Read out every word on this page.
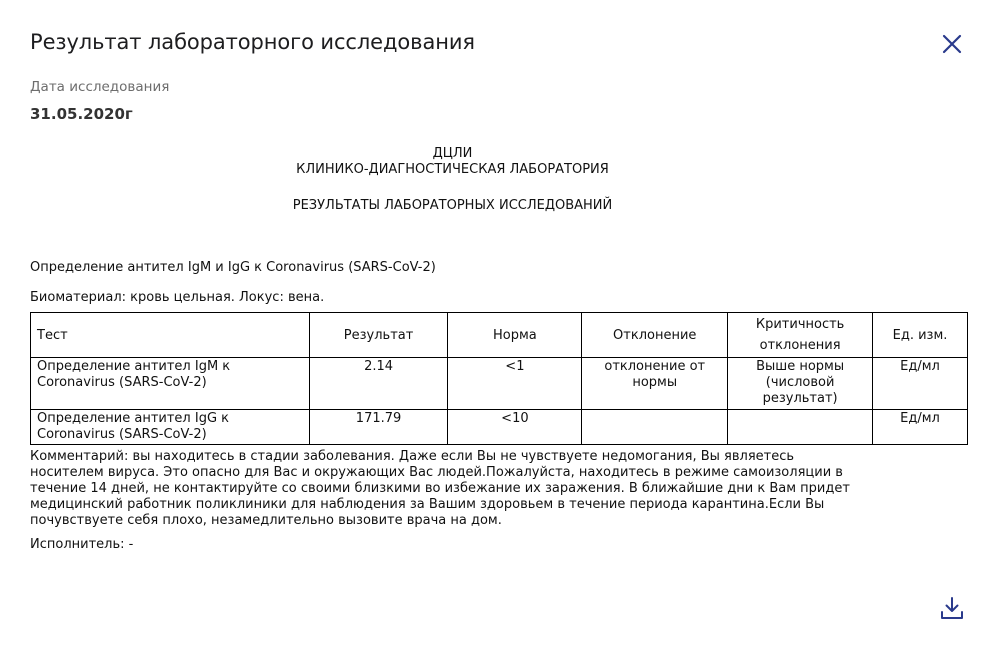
Результат лабораторного исследования
Дата исследования
31.05.2020г
ДЦЛИ
КЛИНИКО-ДИАГНОСТИЧЕСКАЯ ЛАБОРАТОРИЯ
РЕЗУЛЬТАТЫ ЛАБОРАТОРНЫХ ИССЛЕДОВАНИЙ
Определение антител IgM и IgG к Coronavirus (SARS-CoV-2)
Биоматериал: кровь цельная. Локус: вена.
Тест	Результат	Норма	Отклонение	Критичность отклонения	Ед. изм.
Определение антител IgM к Coronavirus (SARS-CoV-2)	2.14	<1	отклонение от нормы	Выше нормы (числовой результат)	Ед/мл
Определение антител IgG к Coronavirus (SARS-CoV-2)	171.79	<10			Ед/мл
Комментарий: вы находитесь в стадии заболевания. Даже если Вы не чувствуете недомогания, Вы являетесь носителем вируса. Это опасно для Вас и окружающих Вас людей.Пожалуйста, находитесь в режиме самоизоляции в течение 14 дней, не контактируйте со своими близкими во избежание их заражения. В ближайшие дни к Вам придет медицинский работник поликлиники для наблюдения за Вашим здоровьем в течение периода карантина.Если Вы почувствуете себя плохо, незамедлительно вызовите врача на дом.
Исполнитель: -
